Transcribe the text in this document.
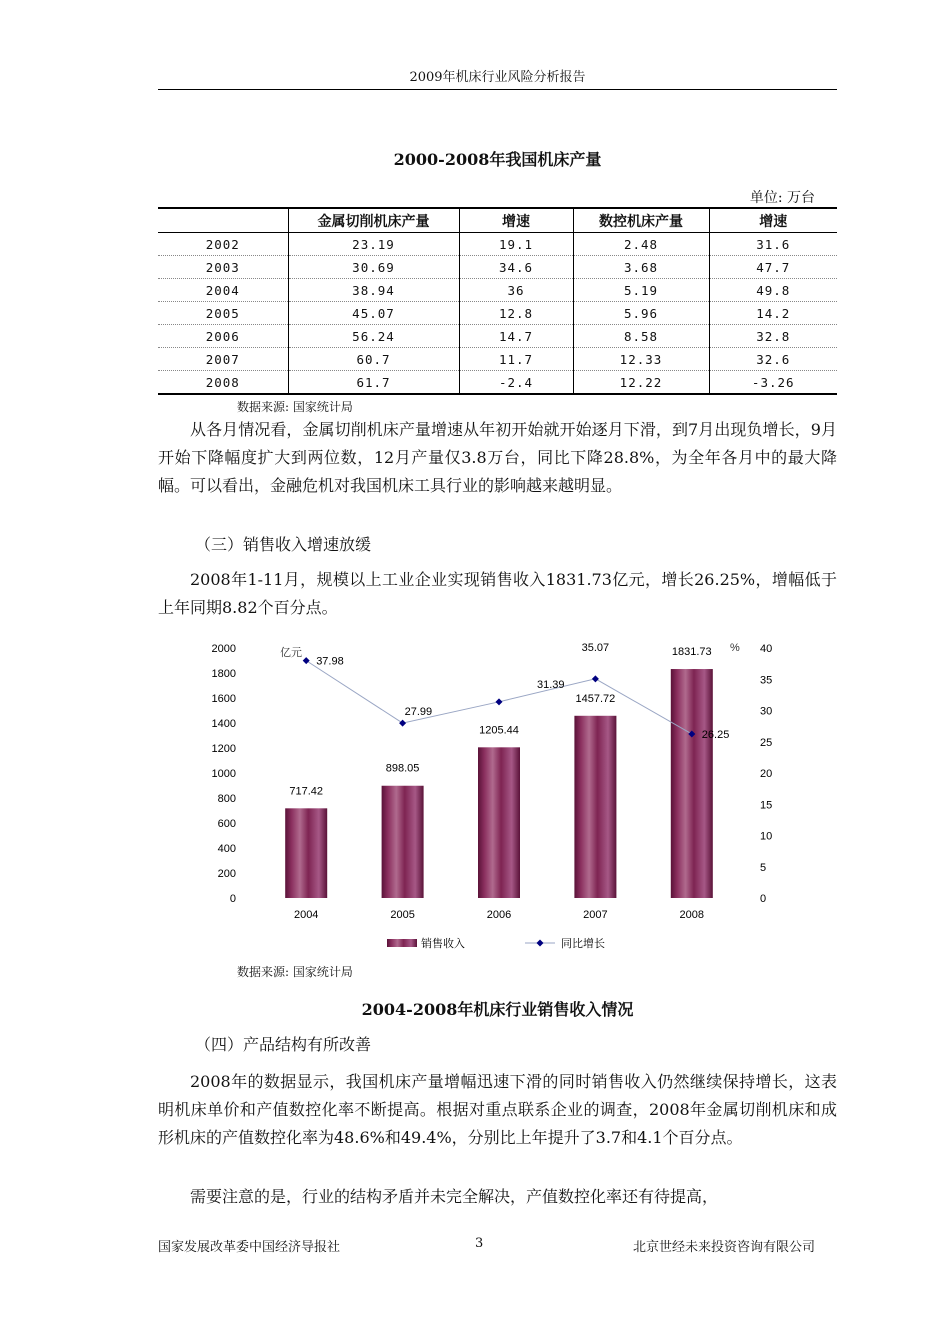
2009年机床行业风险分析报告
2000-2008年我国机床产量
单位: 万台
	金属切削机床产量	增速	数控机床产量	增速
2002	23.19	19.1	2.48	31.6
2003	30.69	34.6	3.68	47.7
2004	38.94	36	5.19	49.8
2005	45.07	12.8	5.96	14.2
2006	56.24	14.7	8.58	32.8
2007	60.7	11.7	12.33	32.6
2008	61.7	-2.4	12.22	-3.26
数据来源: 国家统计局

从各月情况看，金属切削机床产量增速从年初开始就开始逐月下滑，到7月出现负增长，9月开始下降幅度扩大到两位数，12月产量仅3.8万台，同比下降28.8%，为全年各月中的最大降幅。可以看出，金融危机对我国机床工具行业的影响越来越明显。

（三）销售收入增速放缓

2008年1-11月，规模以上工业企业实现销售收入1831.73亿元，增长26.25%，增幅低于上年同期8.82个百分点。

0
200
400
600
800
1000
1200
1400
1600
1800
2000
0
5
10
15
20
25
30
35
40
亿元	%
717.42
898.05
1205.44
1457.72
1831.73
37.98
27.99
31.39
35.07
26.25
2004	2005	2006	2007	2008
销售收入	同比增长
数据来源: 国家统计局
2004-2008年机床行业销售收入情况
（四）产品结构有所改善

2008年的数据显示，我国机床产量增幅迅速下滑的同时销售收入仍然继续保持增长，这表明机床单价和产值数控化率不断提高。根据对重点联系企业的调查，2008年金属切削机床和成形机床的产值数控化率为48.6%和49.4%，分别比上年提升了3.7和4.1个百分点。

需要注意的是，行业的结构矛盾并未完全解决，产值数控化率还有待提高，

国家发展改革委中国经济导报社	3	北京世经未来投资咨询有限公司
